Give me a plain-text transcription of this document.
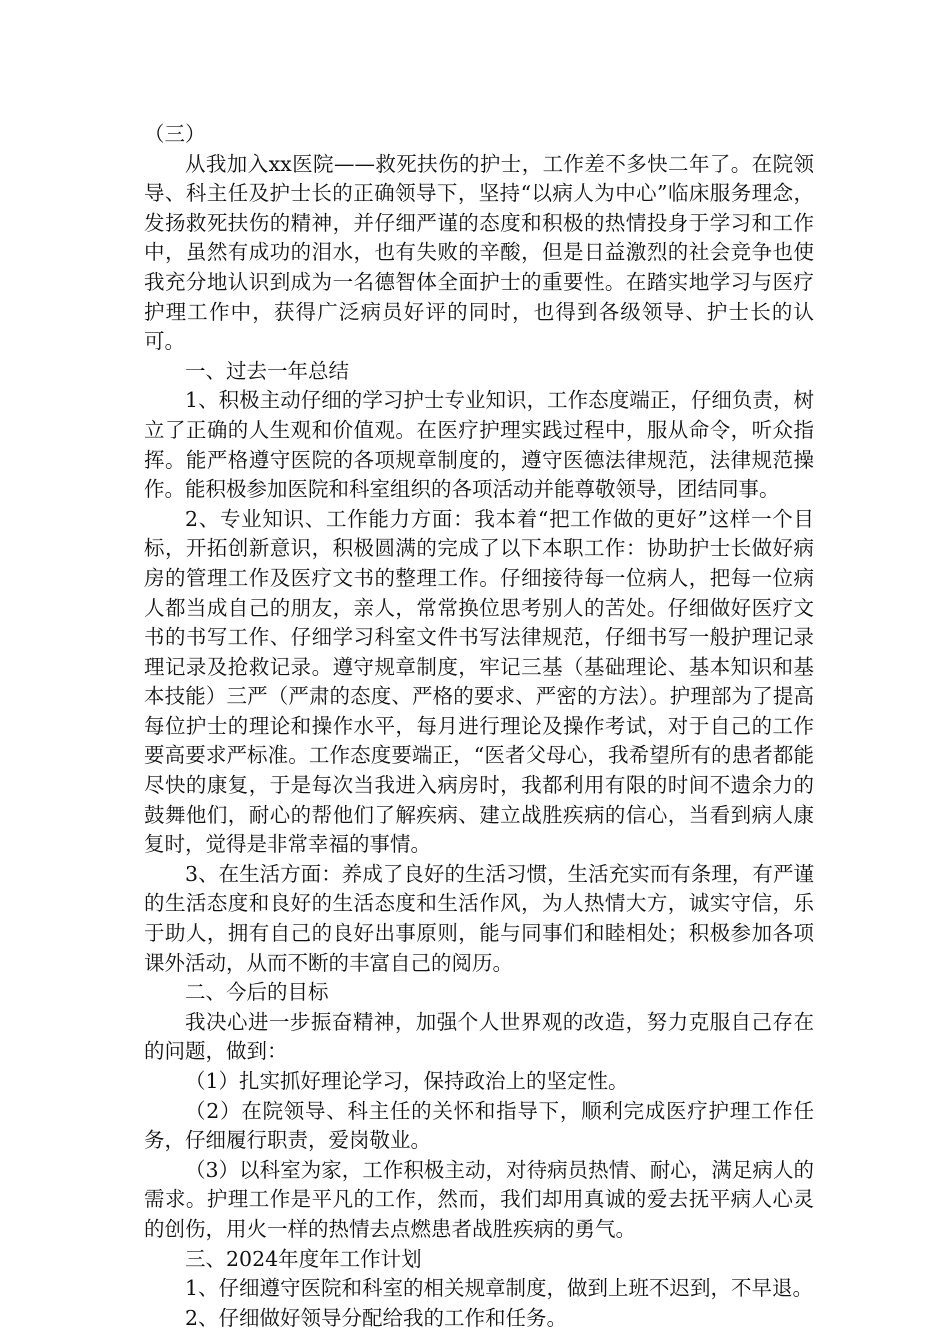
（三）

从我加入xx医院——救死扶伤的护士，工作差不多快二年了。在院领导、科主任及护士长的正确领导下，坚持“以病人为中心”临床服务理念，发扬救死扶伤的精神，并仔细严谨的态度和积极的热情投身于学习和工作中，虽然有成功的泪水，也有失败的辛酸，但是日益激烈的社会竞争也使我充分地认识到成为一名德智体全面护士的重要性。在踏实地学习与医疗护理工作中，获得广泛病员好评的同时，也得到各级领导、护士长的认可。

一、过去一年总结

1、积极主动仔细的学习护士专业知识，工作态度端正，仔细负责，树立了正确的人生观和价值观。在医疗护理实践过程中，服从命令，听众指挥。能严格遵守医院的各项规章制度的，遵守医德法律规范，法律规范操作。能积极参加医院和科室组织的各项活动并能尊敬领导，团结同事。

2、专业知识、工作能力方面：我本着“把工作做的更好”这样一个目标，开拓创新意识，积极圆满的完成了以下本职工作：协助护士长做好病房的管理工作及医疗文书的整理工作。仔细接待每一位病人，把每一位病人都当成自己的朋友，亲人，常常换位思考别人的苦处。仔细做好医疗文书的书写工作、仔细学习科室文件书写法律规范，仔细书写一般护理记录理记录及抢救记录。遵守规章制度，牢记三基（基础理论、基本知识和基本技能）三严（严肃的态度、严格的要求、严密的方法）。护理部为了提高每位护士的理论和操作水平，每月进行理论及操作考试，对于自己的工作要高要求严标准。工作态度要端正，“医者父母心，我希望所有的患者都能尽快的康复，于是每次当我进入病房时，我都利用有限的时间不遗余力的鼓舞他们，耐心的帮他们了解疾病、建立战胜疾病的信心，当看到病人康复时，觉得是非常幸福的事情。

3、在生活方面：养成了良好的生活习惯，生活充实而有条理，有严谨的生活态度和良好的生活态度和生活作风，为人热情大方，诚实守信，乐于助人，拥有自己的良好出事原则，能与同事们和睦相处；积极参加各项课外活动，从而不断的丰富自己的阅历。

二、今后的目标

我决心进一步振奋精神，加强个人世界观的改造，努力克服自己存在的问题，做到：

（1）扎实抓好理论学习，保持政治上的坚定性。

（2）在院领导、科主任的关怀和指导下，顺利完成医疗护理工作任务，仔细履行职责，爱岗敬业。

（3）以科室为家，工作积极主动，对待病员热情、耐心，满足病人的需求。护理工作是平凡的工作，然而，我们却用真诚的爱去抚平病人心灵的创伤，用火一样的热情去点燃患者战胜疾病的勇气。

三、2024年度年工作计划

1、仔细遵守医院和科室的相关规章制度，做到上班不迟到，不早退。

2、仔细做好领导分配给我的工作和任务。
